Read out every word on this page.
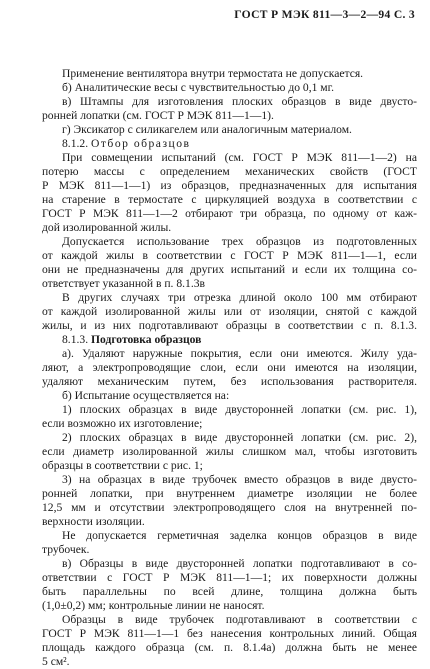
ГОСТ Р МЭК 811—3—2—94 С. 3
Применение вентилятора внутри термостата не допускается.
б) Аналитические весы с чувствительностью до 0,1 мг.
в) Штампы для изготовления плоских образцов в виде двусто-
ронней лопатки (см. ГОСТ Р МЭК 811—1—1).
г) Эксикатор с силикагелем или аналогичным материалом.
8.1.2. Отбор образцов
При совмещении испытаний (см. ГОСТ Р МЭК 811—1—2) на
потерю массы с определением механических свойств (ГОСТ
Р МЭК 811—1—1) из образцов, предназначенных для испытания
на старение в термостате с циркуляцией воздуха в соответствии с
ГОСТ Р МЭК 811—1—2 отбирают три образца, по одному от каж-
дой изолированной жилы.
Допускается использование трех образцов из подготовленных
от каждой жилы в соответствии с ГОСТ Р МЭК 811—1—1, если
они не предназначены для других испытаний и если их толщина со-
ответствует указанной в п. 8.1.3в
В других случаях три отрезка длиной около 100 мм отбирают
от каждой изолированной жилы или от изоляции, снятой с каждой
жилы, и из них подготавливают образцы в соответствии с п. 8.1.3.
8.1.3. Подготовка образцов
а). Удаляют наружные покрытия, если они имеются. Жилу уда-
ляют, а электропроводящие слои, если они имеются на изоляции,
удаляют механическим путем, без использования растворителя.
б) Испытание осуществляется на:
1) плоских образцах в виде двусторонней лопатки (см. рис. 1),
если возможно их изготовление;
2) плоских образцах в виде двусторонней лопатки (см. рис. 2),
если диаметр изолированной жилы слишком мал, чтобы изготовить
образцы в соответствии с рис. 1;
3) на образцах в виде трубочек вместо образцов в виде двусто-
ронней лопатки, при внутреннем диаметре изоляции не более
12,5 мм и отсутствии электропроводящего слоя на внутренней по-
верхности изоляции.
Не допускается герметичная заделка концов образцов в виде
трубочек.
в) Образцы в виде двусторонней лопатки подготавливают в со-
ответствии с ГОСТ Р МЭК 811—1—1; их поверхности должны
быть параллельны по всей длине, толщина должна быть
(1,0±0,2) мм; контрольные линии не наносят.
Образцы в виде трубочек подготавливают в соответствии с
ГОСТ Р МЭК 811—1—1 без нанесения контрольных линий. Общая
площадь каждого образца (см. п. 8.1.4а) должна быть не менее
5 см².
